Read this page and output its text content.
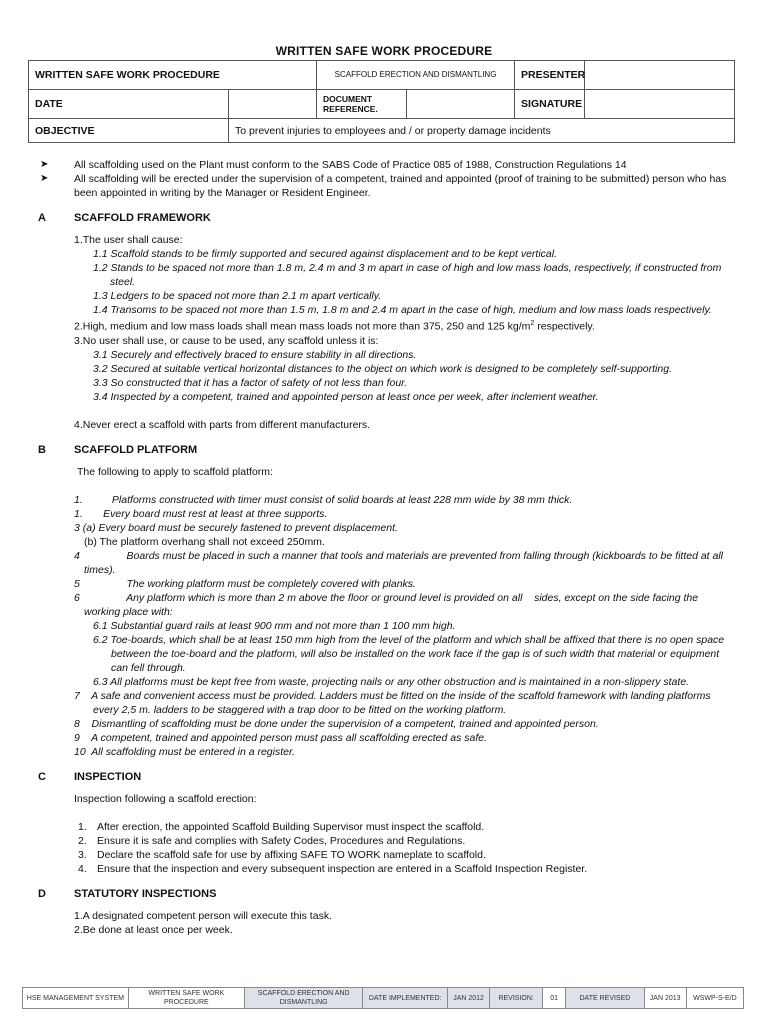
WRITTEN SAFE WORK PROCEDURE
WRITTEN SAFE WORK PROCEDURE		SCAFFOLD ERECTION AND DISMANTLING		PRESENTER	
DATE		DOCUMENT REFERENCE.		SIGNATURE	
OBJECTIVE	To prevent injuries to employees and / or property damage incidents				
➤ All scaffolding used on the Plant must conform to the SABS Code of Practice 085 of 1988, Construction Regulations 14
➤ All scaffolding will be erected under the supervision of a competent, trained and appointed (proof of training to be submitted) person who has been appointed in writing by the Manager or Resident Engineer.
A	SCAFFOLD FRAMEWORK
1.The user shall cause:
1.1 Scaffold stands to be firmly supported and secured against displacement and to be kept vertical.
1.2 Stands to be spaced not more than 1.8 m, 2.4 m and 3 m apart in case of high and low mass loads, respectively, if constructed from
steel.
1.3 Ledgers to be spaced not more than 2.1 m apart vertically.
1.4 Transoms to be spaced not more than 1.5 m, 1.8 m and 2.4 m apart in the case of high, medium and low mass loads respectively.
2.High, medium and low mass loads shall mean mass loads not more than 375, 250 and 125 $kg/m^2$ respectively.
3.No user shall use, or cause to be used, any scaffold unless it is:
3.1 Securely and effectively braced to ensure stability in all directions.
3.2 Secured at suitable vertical horizontal distances to the object on which work is designed to be completely self-supporting.
3.3 So constructed that it has a factor of safety of not less than four.
3.4 Inspected by a competent, trained and appointed person at least once per week, after inclement weather.
4.Never erect a scaffold with parts from different manufacturers.
B	SCAFFOLD PLATFORM
The following to apply to scaffold platform:
1.          Platforms constructed with timer must consist of solid boards at least 228 mm wide by 38 mm thick.
1.       Every board must rest at least at three supports.
3 (a) Every board must be securely fastened to prevent displacement.
(b) The platform overhang shall not exceed 250mm.
4                Boards must be placed in such a manner that tools and materials are prevented from falling through (kickboards to be fitted at all
times).
5                The working platform must be completely covered with planks.
6                Any platform which is more than 2 m above the floor or ground level is provided on all    sides, except on the side facing the
working place with:
6.1 Substantial guard rails at least 900 mm and not more than 1 100 mm high.
6.2 Toe-boards, which shall be at least 150 mm high from the level of the platform and which shall be affixed that there is no open space
between the toe-board and the platform, will also be installed on the work face if the gap is of such width that material or equipment
can fell through.
6.3 All platforms must be kept free from waste, projecting nails or any other obstruction and is maintained in a non-slippery state.
7    A safe and convenient access must be provided. Ladders must be fitted on the inside of the scaffold framework with landing platforms
every 2,5 m. ladders to be staggered with a trap door to be fitted on the working platform.
8    Dismantling of scaffolding must be done under the supervision of a competent, trained and appointed person.
9    A competent, trained and appointed person must pass all scaffolding erected as safe.
10  All scaffolding must be entered in a register.
C	INSPECTION
Inspection following a scaffold erection:
1. After erection, the appointed Scaffold Building Supervisor must inspect the scaffold.
2. Ensure it is safe and complies with Safety Codes, Procedures and Regulations.
3. Declare the scaffold safe for use by affixing SAFE TO WORK nameplate to scaffold.
4. Ensure that the inspection and every subsequent inspection are entered in a Scaffold Inspection Register.
D	STATUTORY INSPECTIONS
1.A designated competent person will execute this task.
2.Be done at least once per week.
HSE MANAGEMENT SYSTEM	WRITTEN SAFE WORK PROCEDURE	SCAFFOLD ERECTION AND DISMANTLING	DATE IMPLEMENTED:	JAN 2012	REVISION:	01	DATE REVISED	JAN 2013	WSWP-S-E/D
